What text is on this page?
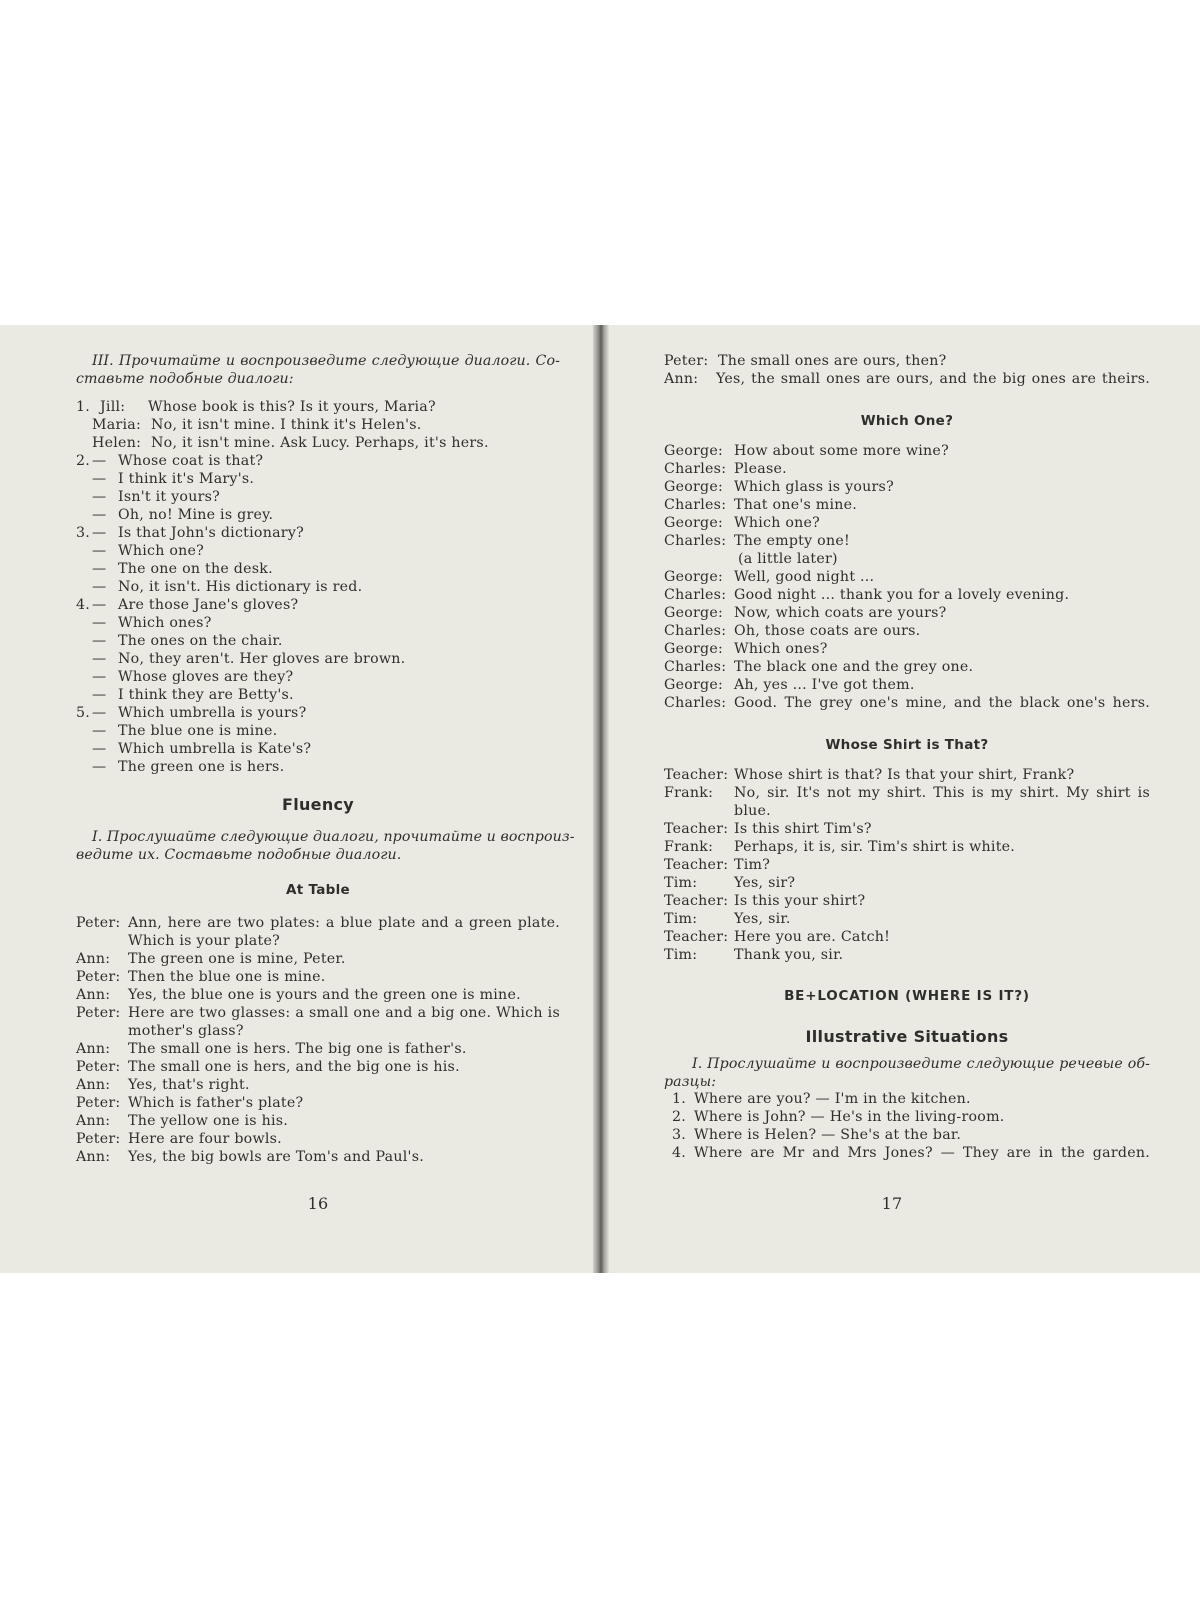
III. Прочитайте и воспроизведите следующие диалоги. Со-
ставьте подобные диалоги:
Fluency
I. Прослушайте следующие диалоги, прочитайте и воспроиз-
ведите их. Составьте подобные диалоги.
At Table
16
1. Jill: Whose book is this? Is it yours, Maria?
Maria: No, it isn't mine. I think it's Helen's.
Helen: No, it isn't mine. Ask Lucy. Perhaps, it's hers.
2. — Whose coat is that?
— I think it's Mary's.
— Isn't it yours?
— Oh, no! Mine is grey.
3. — Is that John's dictionary?
— Which one?
— The one on the desk.
— No, it isn't. His dictionary is red.
4. — Are those Jane's gloves?
— Which ones?
— The ones on the chair.
— No, they aren't. Her gloves are brown.
— Whose gloves are they?
— I think they are Betty's.
5. — Which umbrella is yours?
— The blue one is mine.
— Which umbrella is Kate's?
— The green one is hers.
Peter: Ann, here are two plates: a blue plate and a green plate.
Which is your plate?
Ann: The green one is mine, Peter.
Peter: Then the blue one is mine.
Ann: Yes, the blue one is yours and the green one is mine.
Peter: Here are two glasses: a small one and a big one. Which is
mother's glass?
Ann: The small one is hers. The big one is father's.
Peter: The small one is hers, and the big one is his.
Ann: Yes, that's right.
Peter: Which is father's plate?
Ann: The yellow one is his.
Peter: Here are four bowls.
Ann: Yes, the big bowls are Tom's and Paul's.
Which One?
Whose Shirt is That?
BE+LOCATION (WHERE IS IT?)
Illustrative Situations
I. Прослушайте и воспроизведите следующие речевые об-
разцы:
17
Peter: The small ones are ours, then?
Ann: Yes, the small ones are ours, and the big ones are theirs.
George: How about some more wine?
Charles: Please.
George: Which glass is yours?
Charles: That one's mine.
George: Which one?
Charles: The empty one!
(a little later)
George: Well, good night ...
Charles: Good night ... thank you for a lovely evening.
George: Now, which coats are yours?
Charles: Oh, those coats are ours.
George: Which ones?
Charles: The black one and the grey one.
George: Ah, yes ... I've got them.
Charles: Good. The grey one's mine, and the black one's hers.
Teacher: Whose shirt is that? Is that your shirt, Frank?
Frank: No, sir. It's not my shirt. This is my shirt. My shirt is
blue.
Teacher: Is this shirt Tim's?
Frank: Perhaps, it is, sir. Tim's shirt is white.
Teacher: Tim?
Tim:	Yes, sir?
Teacher: Is this your shirt?
Tim:	Yes, sir.
Teacher: Here you are. Catch!
Tim:	Thank you, sir.
1. Where are you? — I'm in the kitchen.
2. Where is John? — He's in the living-room.
3. Where is Helen? — She's at the bar.
4. Where are Mr and Mrs Jones? — They are in the garden.
